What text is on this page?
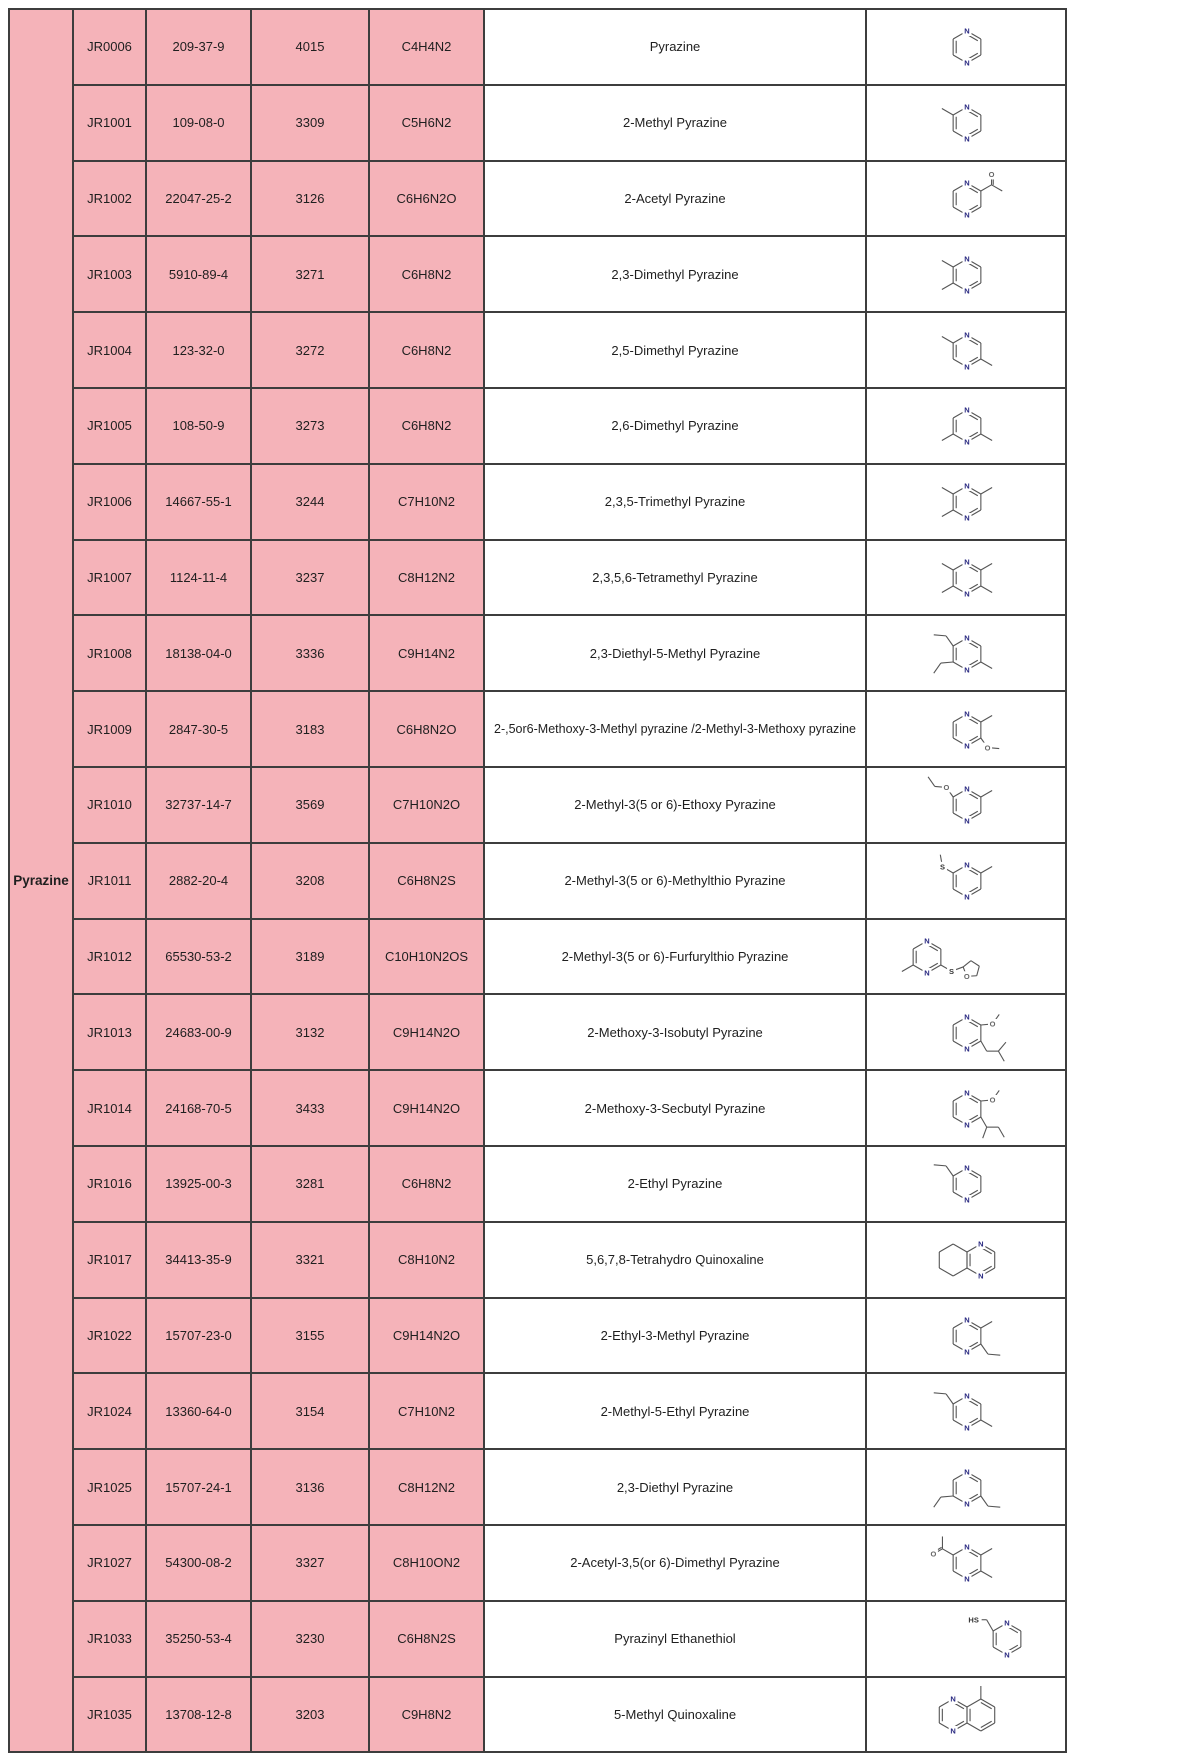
Pyrazine
JR0006	209-37-9	4015	C4H4N2	Pyrazine
N
N
JR1001	109-08-0	3309	C5H6N2	2-Methyl Pyrazine
N
N
JR1002	22047-25-2	3126	C6H6N2O	2-Acetyl Pyrazine
N
N
O
JR1003	5910-89-4	3271	C6H8N2	2,3-Dimethyl Pyrazine
N
N
JR1004	123-32-0	3272	C6H8N2	2,5-Dimethyl Pyrazine
N
N
JR1005	108-50-9	3273	C6H8N2	2,6-Dimethyl Pyrazine
N
N
JR1006	14667-55-1	3244	C7H10N2	2,3,5-Trimethyl Pyrazine
N
N
JR1007	1124-11-4	3237	C8H12N2	2,3,5,6-Tetramethyl Pyrazine
N
N
JR1008	18138-04-0	3336	C9H14N2	2,3-Diethyl-5-Methyl Pyrazine
N
N
JR1009	2847-30-5	3183	C6H8N2O	2-,5or6-Methoxy-3-Methyl pyrazine /2-Methyl-3-Methoxy pyrazine
N
N O
JR1010	32737-14-7	3569	C7H10N2O	2-Methyl-3(5 or 6)-Ethoxy Pyrazine
N
N
O
JR1011	2882-20-4	3208	C6H8N2S	2-Methyl-3(5 or 6)-Methylthio Pyrazine
N
N
S
JR1012	65530-53-2	3189	C10H10N2OS	2-Methyl-3(5 or 6)-Furfurylthio Pyrazine
N
N	S
O
JR1013	24683-00-9	3132	C9H14N2O	2-Methoxy-3-Isobutyl Pyrazine
N
N
O
JR1014	24168-70-5	3433	C9H14N2O	2-Methoxy-3-Secbutyl Pyrazine
N
N
O
JR1016	13925-00-3	3281	C6H8N2	2-Ethyl Pyrazine
N
N
JR1017	34413-35-9	3321	C8H10N2	5,6,7,8-Tetrahydro Quinoxaline
N
N
JR1022	15707-23-0	3155	C9H14N2O	2-Ethyl-3-Methyl Pyrazine
N
N
JR1024	13360-64-0	3154	C7H10N2	2-Methyl-5-Ethyl Pyrazine
N
N
JR1025	15707-24-1	3136	C8H12N2	2,3-Diethyl Pyrazine
N
N
JR1027	54300-08-2	3327	C8H10ON2	2-Acetyl-3,5(or 6)-Dimethyl Pyrazine
N
N
O
JR1033	35250-53-4	3230	C6H8N2S	Pyrazinyl Ethanethiol
N
N
HS
JR1035	13708-12-8	3203	C9H8N2	5-Methyl Quinoxaline
N
N
